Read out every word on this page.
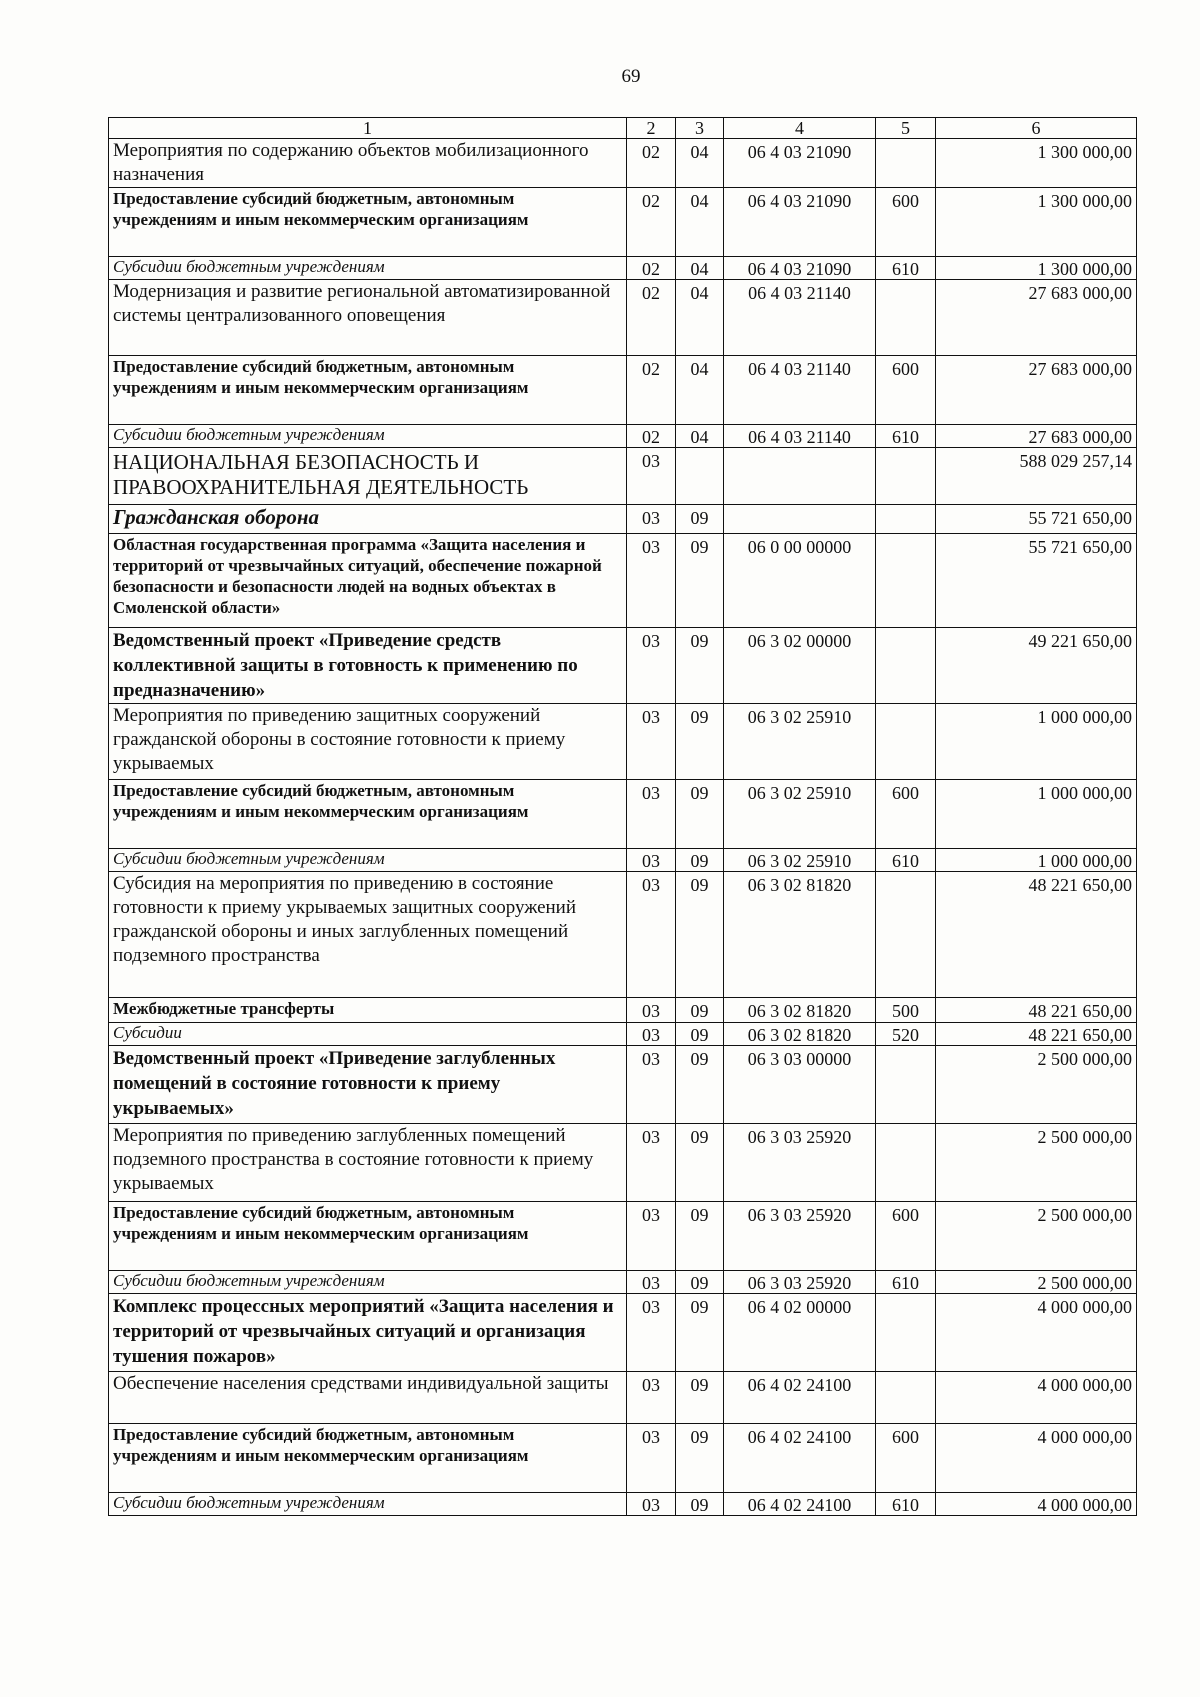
69
1	2	3	4	5	6
Мероприятия по содержанию объектов мобилизационного назначения	02	04	06 4 03 21090		1 300 000,00
Предоставление субсидий бюджетным, автономным учреждениям и иным некоммерческим организациям	02	04	06 4 03 21090	600	1 300 000,00
Субсидии бюджетным учреждениям	02	04	06 4 03 21090	610	1 300 000,00
Модернизация и развитие региональной автоматизированной системы централизованного оповещения	02	04	06 4 03 21140		27 683 000,00
Предоставление субсидий бюджетным, автономным учреждениям и иным некоммерческим организациям	02	04	06 4 03 21140	600	27 683 000,00
Субсидии бюджетным учреждениям	02	04	06 4 03 21140	610	27 683 000,00
НАЦИОНАЛЬНАЯ БЕЗОПАСНОСТЬ И ПРАВООХРАНИТЕЛЬНАЯ ДЕЯТЕЛЬНОСТЬ	03				588 029 257,14
Гражданская оборона	03	09			55 721 650,00
Областная государственная программа «Защита населения и территорий от чрезвычайных ситуаций, обеспечение пожарной безопасности и безопасности людей на водных объектах в Смоленской области»	03	09	06 0 00 00000		55 721 650,00
Ведомственный проект «Приведение средств коллективной защиты в готовность к применению по предназначению»	03	09	06 3 02 00000		49 221 650,00
Мероприятия по приведению защитных сооружений гражданской обороны в состояние готовности к приему укрываемых	03	09	06 3 02 25910		1 000 000,00
Предоставление субсидий бюджетным, автономным учреждениям и иным некоммерческим организациям	03	09	06 3 02 25910	600	1 000 000,00
Субсидии бюджетным учреждениям	03	09	06 3 02 25910	610	1 000 000,00
Субсидия на мероприятия по приведению в состояние готовности к приему укрываемых защитных сооружений гражданской обороны и иных заглубленных помещений подземного пространства	03	09	06 3 02 81820		48 221 650,00
Межбюджетные трансферты	03	09	06 3 02 81820	500	48 221 650,00
Субсидии	03	09	06 3 02 81820	520	48 221 650,00
Ведомственный проект «Приведение заглубленных помещений в состояние готовности к приему укрываемых»	03	09	06 3 03 00000		2 500 000,00
Мероприятия по приведению заглубленных помещений подземного пространства в состояние готовности к приему укрываемых	03	09	06 3 03 25920		2 500 000,00
Предоставление субсидий бюджетным, автономным учреждениям и иным некоммерческим организациям	03	09	06 3 03 25920	600	2 500 000,00
Субсидии бюджетным учреждениям	03	09	06 3 03 25920	610	2 500 000,00
Комплекс процессных мероприятий «Защита населения и территорий от чрезвычайных ситуаций и организация тушения пожаров»	03	09	06 4 02 00000		4 000 000,00
Обеспечение населения средствами индивидуальной защиты	03	09	06 4 02 24100		4 000 000,00
Предоставление субсидий бюджетным, автономным учреждениям и иным некоммерческим организациям	03	09	06 4 02 24100	600	4 000 000,00
Субсидии бюджетным учреждениям	03	09	06 4 02 24100	610	4 000 000,00
